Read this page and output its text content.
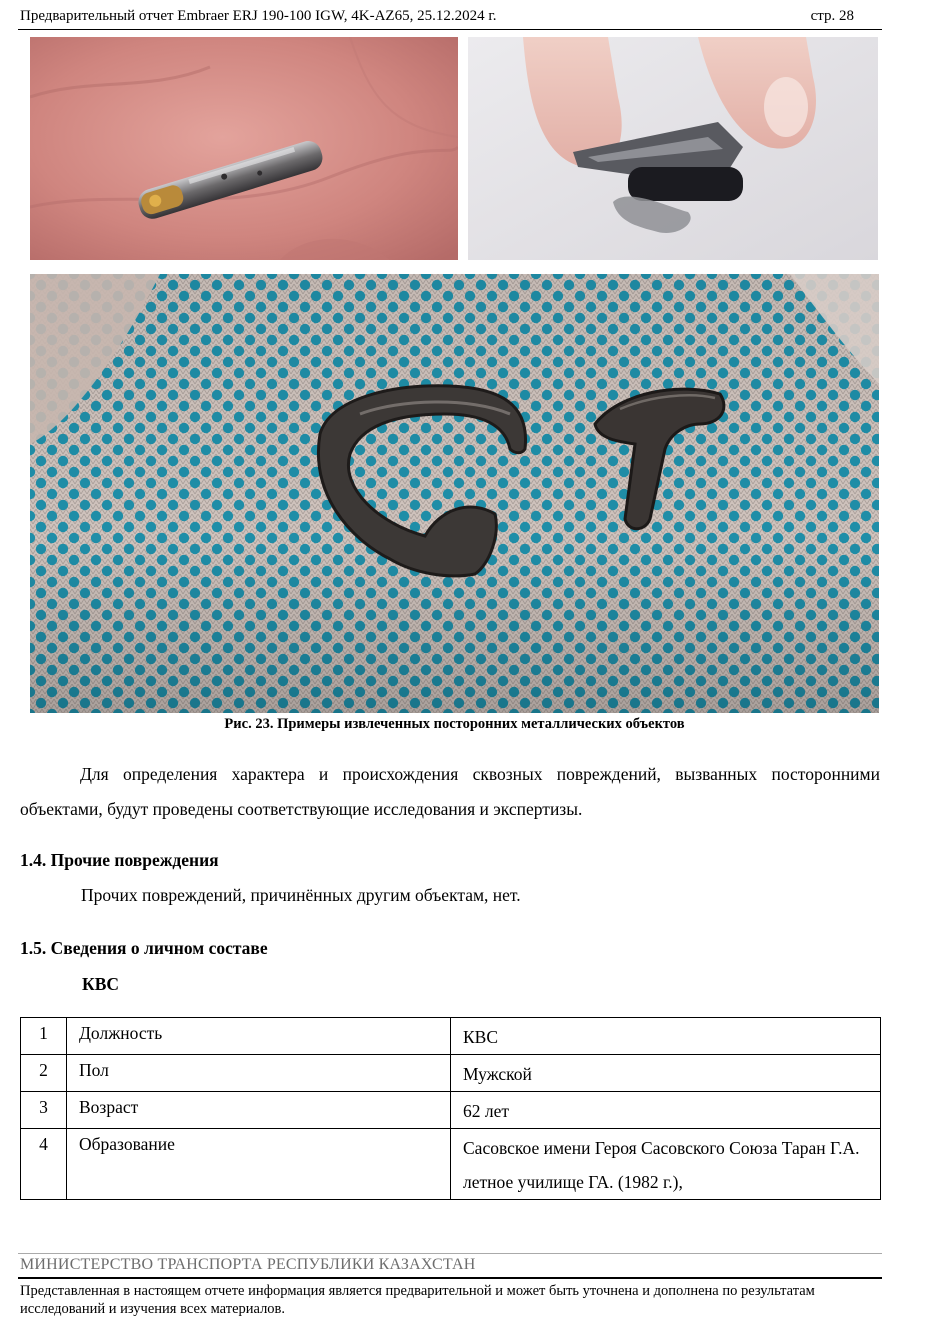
Предварительный отчет Embraer ERJ 190-100 IGW, 4K-AZ65, 25.12.2024 г.	стр. 28
Рис. 23. Примеры извлеченных посторонних металлических объектов
Для определения характера и происхождения сквозных повреждений, вызванных посторонними объектами, будут проведены соответствующие исследования и экспертизы.
1.4. Прочие повреждения
Прочих повреждений, причинённых другим объектам, нет.
1.5. Сведения о личном составе
КВС
1	Должность	КВС
2	Пол	Мужской
3	Возраст	62 лет
4	Образование	Сасовское имени Героя Сасовского Союза Таран Г.А. летное училище ГА. (1982 г.),
МИНИСТЕРСТВО ТРАНСПОРТА РЕСПУБЛИКИ КАЗАХСТАН
Представленная в настоящем отчете информация является предварительной и может быть уточнена и дополнена по результатам исследований и изучения всех материалов.
